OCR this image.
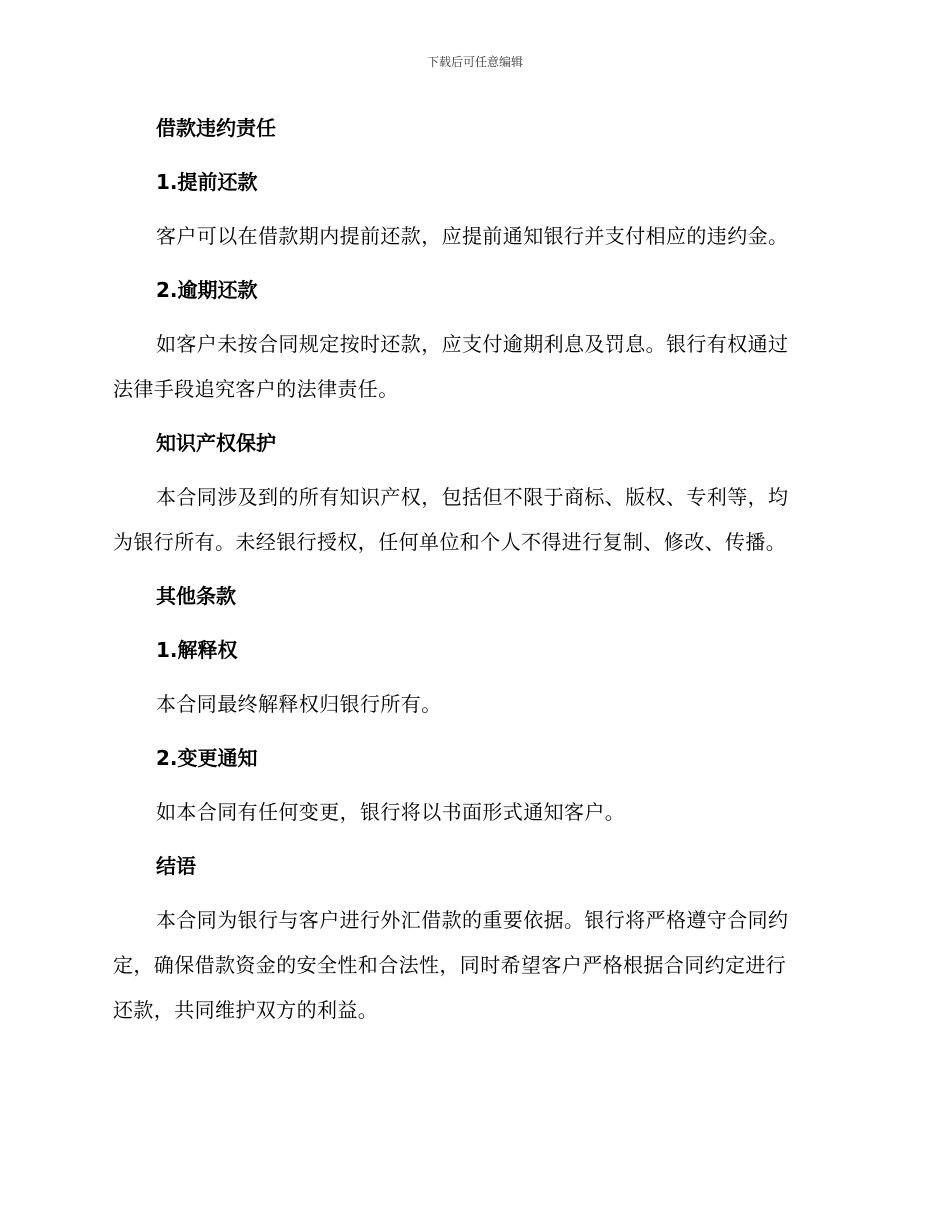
下载后可任意编辑
借款违约责任
1.提前还款
客户可以在借款期内提前还款，应提前通知银行并支付相应的违约金。
2.逾期还款
如客户未按合同规定按时还款，应支付逾期利息及罚息。银行有权通过
法律手段追究客户的法律责任。
知识产权保护
本合同涉及到的所有知识产权，包括但不限于商标、版权、专利等，均
为银行所有。未经银行授权，任何单位和个人不得进行复制、修改、传播。
其他条款
1.解释权
本合同最终解释权归银行所有。
2.变更通知
如本合同有任何变更，银行将以书面形式通知客户。
结语
本合同为银行与客户进行外汇借款的重要依据。银行将严格遵守合同约
定，确保借款资金的安全性和合法性，同时希望客户严格根据合同约定进行
还款，共同维护双方的利益。
